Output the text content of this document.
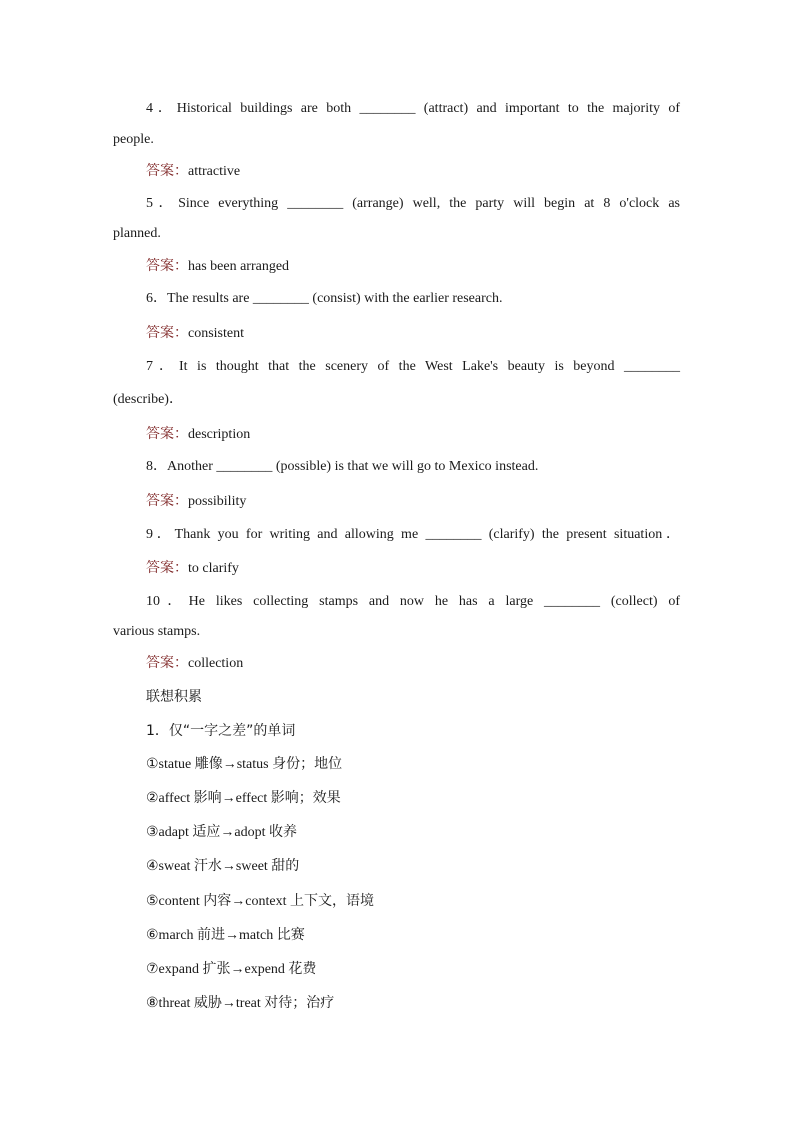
4．Historical buildings are both ________ (attract) and important to the majority of
people.
答案：attractive
5．Since everything ________ (arrange) well, the party will begin at 8 o'clock as
planned.
答案：has been arranged
6．The results are ________ (consist) with the earlier research.
答案：consistent
7．It is thought that the scenery of the West Lake's beauty is beyond ________
(describe)．
答案：description
8．Another ________ (possible) is that we will go to Mexico instead.
答案：possibility
9．Thank you for writing and allowing me ________ (clarify) the present situation．
答案：to clarify
10．He likes collecting stamps and now he has a large ________ (collect) of
various stamps.
答案：collection
联想积累
1．仅“一字之差”的单词
①statue 雕像→status 身份；地位
②affect 影响→effect 影响；效果
③adapt 适应→adopt 收养
④sweat 汗水→sweet 甜的
⑤content 内容→context 上下文，语境
⑥march 前进→match 比赛
⑦expand 扩张→expend 花费
⑧threat 威胁→treat 对待；治疗
